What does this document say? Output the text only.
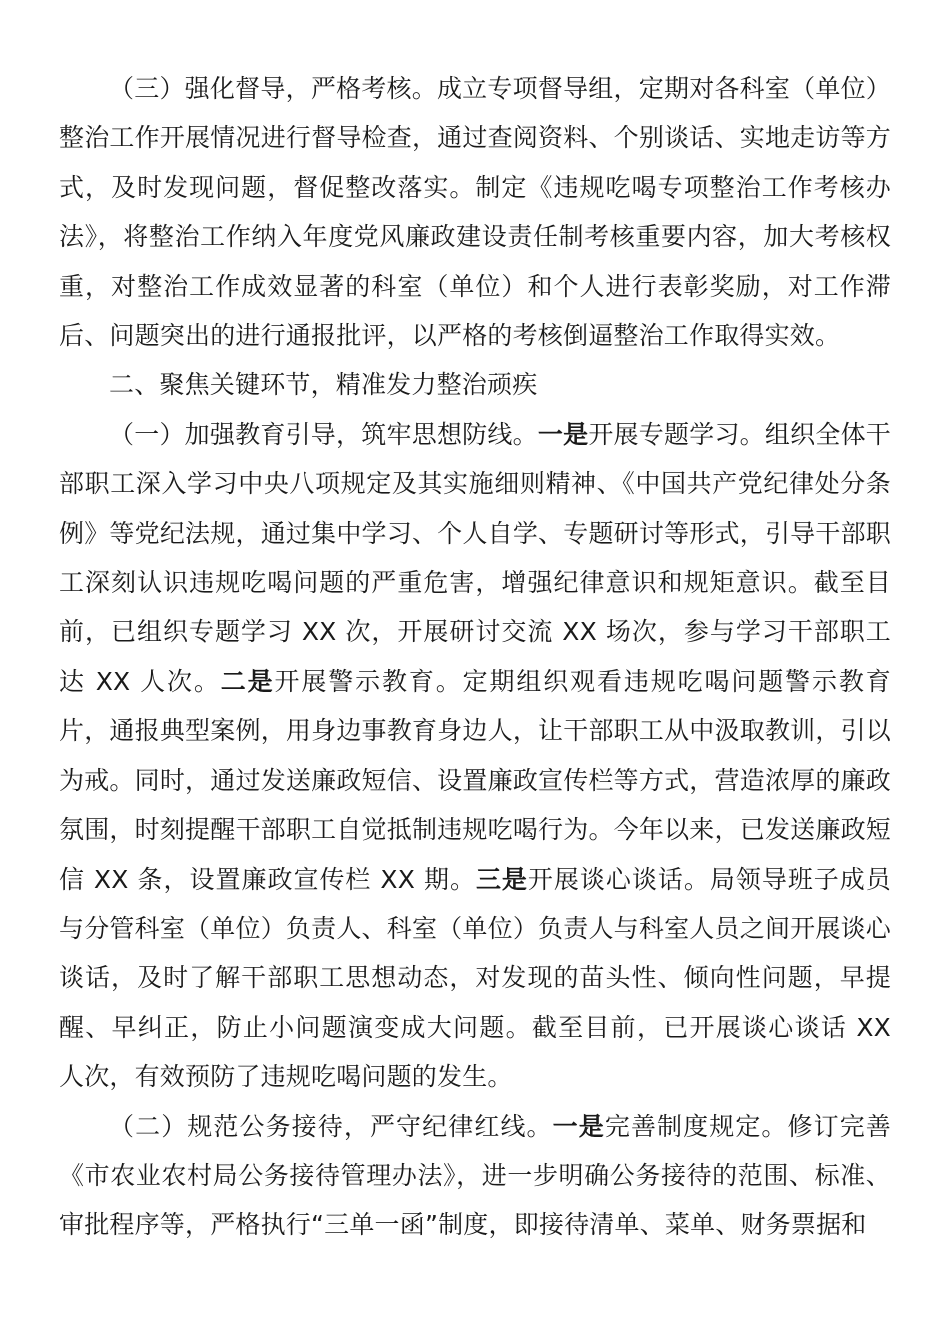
（三）强化督导，严格考核。成立专项督导组，定期对各科室（单位）整治工作开展情况进行督导检查，通过查阅资料、个别谈话、实地走访等方式，及时发现问题，督促整改落实。制定《违规吃喝专项整治工作考核办法》，将整治工作纳入年度党风廉政建设责任制考核重要内容，加大考核权重，对整治工作成效显著的科室（单位）和个人进行表彰奖励，对工作滞后、问题突出的进行通报批评，以严格的考核倒逼整治工作取得实效。

二、聚焦关键环节，精准发力整治顽疾

（一）加强教育引导，筑牢思想防线。一是开展专题学习。组织全体干部职工深入学习中央八项规定及其实施细则精神、《中国共产党纪律处分条例》等党纪法规，通过集中学习、个人自学、专题研讨等形式，引导干部职工深刻认识违规吃喝问题的严重危害，增强纪律意识和规矩意识。截至目前，已组织专题学习 XX 次，开展研讨交流 XX 场次，参与学习干部职工达 XX 人次。二是开展警示教育。定期组织观看违规吃喝问题警示教育片，通报典型案例，用身边事教育身边人，让干部职工从中汲取教训，引以为戒。同时，通过发送廉政短信、设置廉政宣传栏等方式，营造浓厚的廉政氛围，时刻提醒干部职工自觉抵制违规吃喝行为。今年以来，已发送廉政短信 XX 条，设置廉政宣传栏 XX 期。三是开展谈心谈话。局领导班子成员与分管科室（单位）负责人、科室（单位）负责人与科室人员之间开展谈心谈话，及时了解干部职工思想动态，对发现的苗头性、倾向性问题，早提醒、早纠正，防止小问题演变成大问题。截至目前，已开展谈心谈话 XX 人次，有效预防了违规吃喝问题的发生。

（二）规范公务接待，严守纪律红线。一是完善制度规定。修订完善《市农业农村局公务接待管理办法》，进一步明确公务接待的范围、标准、审批程序等，严格执行“三单一函”制度，即接待清单、菜单、财务票据和
